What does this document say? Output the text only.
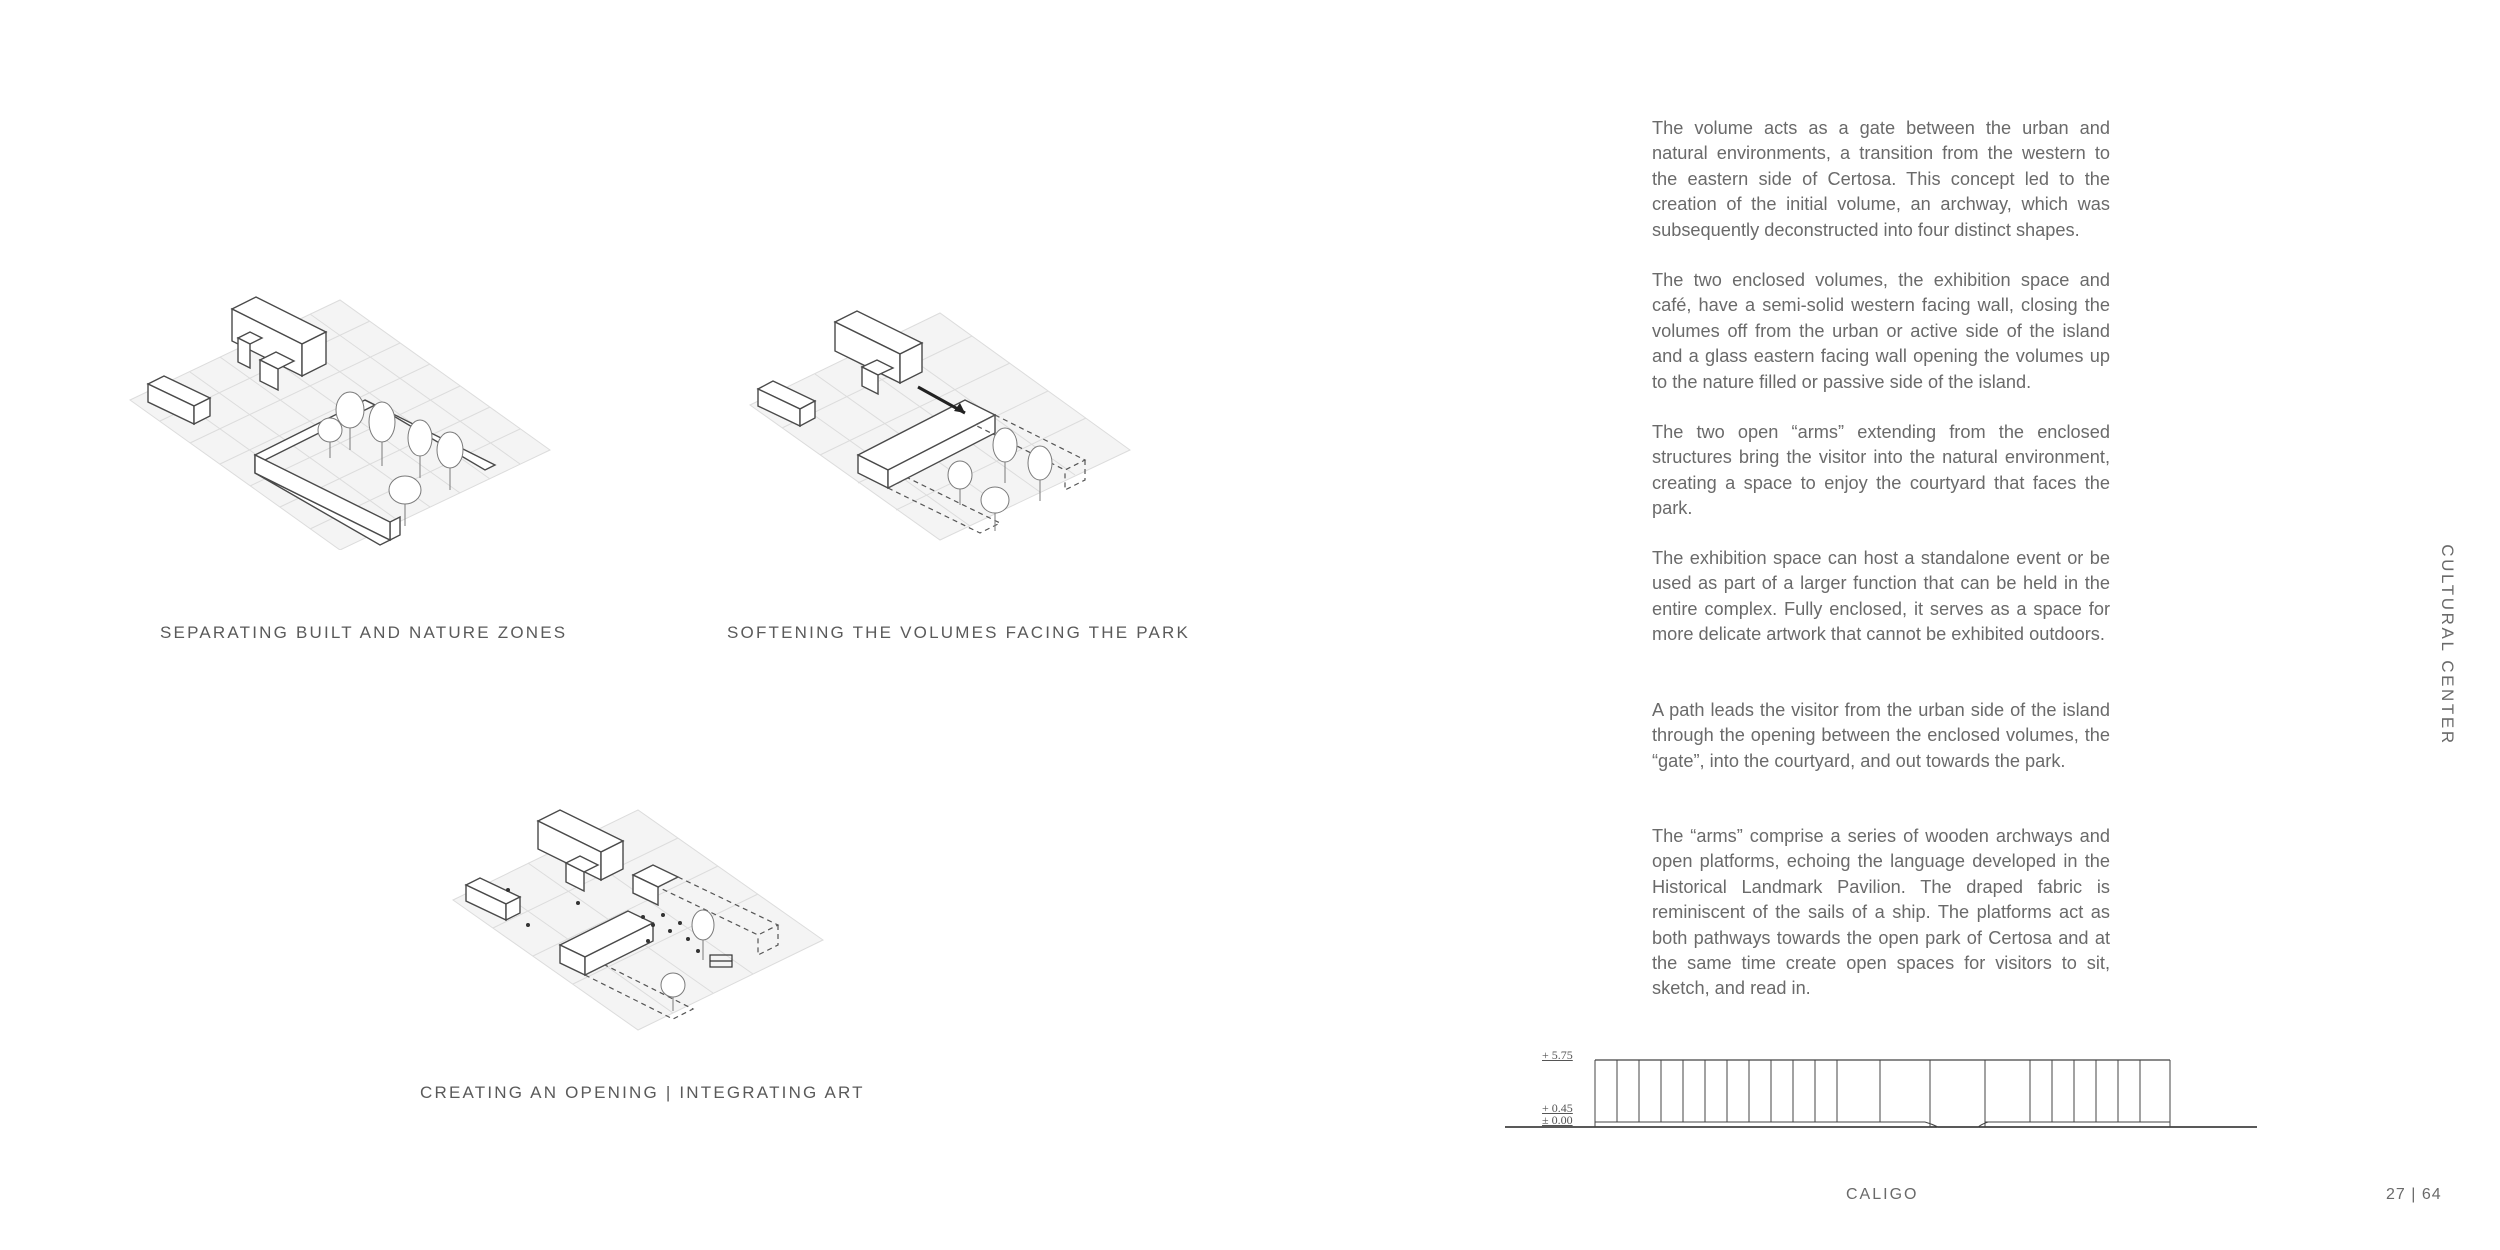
SEPARATING BUILT AND NATURE ZONES	SOFTENING THE VOLUMES FACING THE PARK
CREATING AN OPENING | INTEGRATING ART

The volume acts as a gate between the urban and natural environments, a transition from the western to the eastern side of Certosa. This concept led to the creation of the initial volume, an archway, which was subsequently deconstructed into four distinct shapes.

The two enclosed volumes, the exhibition space and café, have a semi-solid western facing wall, closing the volumes off from the urban or active side of the island and a glass eastern facing wall opening the volumes up to the nature filled or passive side of the island.

The two open “arms” extending from the enclosed structures bring the visitor into the natural environment, creating a space to enjoy the courtyard that faces the park.

The exhibition space can host a standalone event or be used as part of a larger function that can be held in the entire complex. Fully enclosed, it serves as a space for more delicate artwork that cannot be exhibited outdoors.

A path leads the visitor from the urban side of the island through the opening between the enclosed volumes, the “gate”, into the courtyard, and out towards the park.

The “arms” comprise a series of wooden archways and open platforms, echoing the language developed in the Historical Landmark Pavilion. The draped fabric is reminiscent of the sails of a ship. The platforms act as both pathways towards the open park of Certosa and at the same time create open spaces for visitors to sit, sketch, and read in.

+ 5.75
+ 0.45
± 0.00
CULTURAL CENTER
CALIGO	27 | 64
